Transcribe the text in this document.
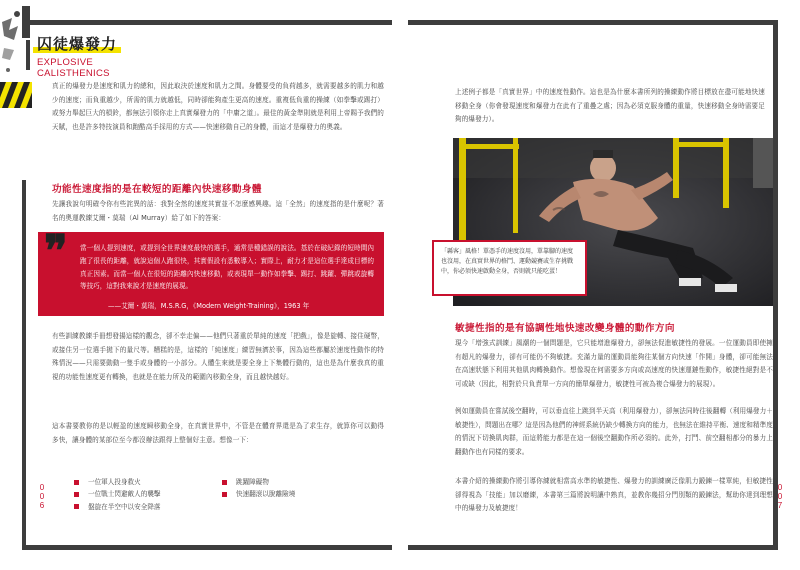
囚徒爆發力
EXPLOSIVE
CALISTHENICS

真正的爆發力是速度和肌力的總和，因此取決於速度和肌力之間。身體要受的負荷越多，就需要越多的肌力和越少的速度；而負重越少，所需的肌力就越低，同時卻能夠產生更高的速度。重複低負重的操練（如拳擊或踢打）或努力舉起巨大的槓鈴，都無法引領你走上真實爆發力的「中庸之道」。最佳的黃金準則就是利用上帝賜予我們的天賦，也是許多特技演員和跑酷高手採用的方式——快速移動自己的身體，而這才是爆發力的奧義。

功能性速度指的是在較短的距離內快速移動身體

先讓我說句明確令你有些詫異的話：我對全然的速度其實並不怎麼感興趣。這「全然」的速度指的是什麼呢？著名的奧運教練艾爾・莫瑞（Al Murray）給了如下的答案：

❞ 當一個人提到速度，或提到全世界速度最快的選手，通常是種錯誤的說法。基於在破紀錄的短時間內跑了很長的距離，就說這個人跑很快，其實假設有悉數導入；實際上，耐力才是這位選手達成目標的真正因素。而當一個人在很短的距離內快速移動，或表現單一動作如拳擊、踢打、跳躍、彈跳或旋轉等技巧，這對我來說才是速度的展現。

——艾爾・莫瑞，M.S.R.G，《Modern Weight-Training》，1963 年

有些訓練教練手冊想發揚這樣的觀念，卻不幸走偏——他們只著重於單純的速度「把戲」，像是旋轉、接住硬幣，或接住另一位選手拋下的量尺等。糟糕的是，這樣的「純速度」練習無濟於事，因為這些都屬於速度性動作的特殊情況——只需要動動一隻手或身體的一小部分。人體生來就是要全身上下集體行動的，這也是為什麼我真的重視的功能性速度更有轉換，也就是在能力所及的範圍內移動全身，而且越快越好。

這本書要教你的是以輕盈的速度瞬移動全身，在真實世界中，不管是在體育界還是為了求生存，就算你可以動得多快，讓身體的某部位至今都沒辦法跟得上整個好主意。想像一下：

一位軍人投身救火
一位戰士閃避敵人的襲擊
盤旋在半空中以安全降落
跳躍障礙物
快速翻滾以脫離險境
0
0
6

上述例子都是「真實世界」中的速度性動作。這也是為什麼本書所列的操練動作將目標放在盡可能地快速移動全身（你會發現速度和爆發力在此有了重疊之處；因為必須克服身體的重量，快速移動全身時需要足夠的爆發力）。

「縣客」風格！單憑手的速度沒用，單靠腳的速度也沒用，在真實世界的格鬥、運動競賽或生存挑戰中，你必須快速啟動全身，否則就只能吃蛋！
敏捷性指的是有協調性地快速改變身體的動作方向

現今「增強式訓練」風潮的一個問題是，它只能增進爆發力，卻無法促進敏捷性的發展。一位運動員即使擁有超凡的爆發力，卻有可能仍不夠敏捷。充滿力量的運動員能夠往某個方向快速「作開」身體，卻可能無法在高速狀態下利用其他肌肉轉換動作。想像現在何需要多方向或高速度的快速運鏈性動作，敏捷性絕對是不可或缺（因此，相對於只負責單一方向的簡單爆發力，敏捷性可被為複合爆發力的展現）。

例如運動員在嘗試後空翻時，可以垂直往上跳到半天高（利用爆發力），卻無法同時往後翻轉（利用爆發力＋敏捷性），問題出在哪？這是因為他們的神經系統仍缺少轉換方向的能力，也無法在維持平衡、速度和精準度的情況下切換肌肉群，而這將能力都是在這一個後空翻動作所必須的。此外，打鬥、前空翻相都分的暴力上翻動作也有同樣的要求。

本書介紹的操練動作將引導你練就相當高水準的敏捷性、爆發力的訓練廣泛像肌力鍛鍊一樣單純，但敏捷性卻得視為「技能」加以磨練，本書第三篇將說明讓中熟真，並教你幾招分門別類的鍛鍊法，幫助你達到理想中的爆發力及敏捷度！

0
0
7
